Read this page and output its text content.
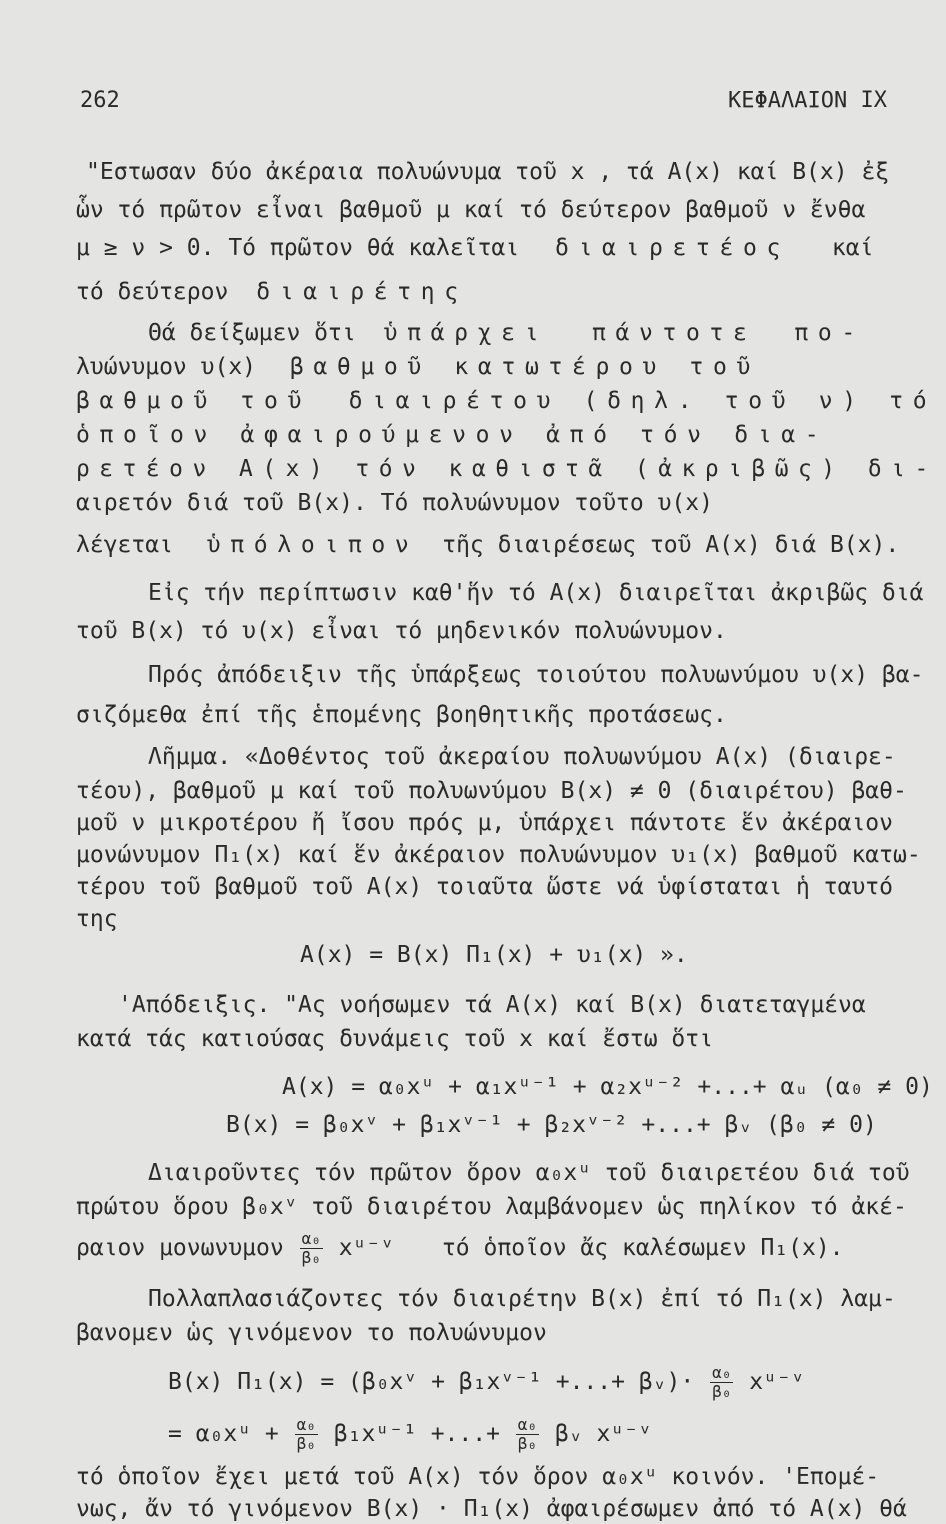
262	ΚΕΦΑΛΑΙΟΝ IX
"Εστωσαν δύο ἀκέραια πολυώνυμα τοῦ x , τά A(x) καί B(x) ἐξ
ὧν τό πρῶτον εἶναι βαθμοῦ μ καί τό δεύτερον βαθμοῦ ν ἔνθα
μ ≥ ν > 0. Τό πρῶτον θά καλεῖται διαιρετέος καί
τό δεύτερον διαιρέτης
Θά δείξωμεν ὅτι ὑπάρχει πάντοτε πο-
λυώνυμον υ(x) βαθμοῦ κατωτέρου τοῦ
βαθμοῦ τοῦ διαιρέτου (δηλ. τοῦ ν) τό
ὁποῖον ἀφαιρούμενον ἀπό τόν δια-
ρετέον A(x) τόν καθιστᾶ (ἀκριβῶς) δι-
αιρετόν διά τοῦ B(x). Τό πολυώνυμον τοῦτο υ(x)
λέγεται ὑπόλοιπον τῆς διαιρέσεως τοῦ A(x) διά B(x).
Εἰς τήν περίπτωσιν καθ'ἥν τό A(x) διαιρεῖται ἀκριβῶς διά
τοῦ B(x) τό υ(x) εἶναι τό μηδενικόν πολυώνυμον.
Πρός ἀπόδειξιν τῆς ὑπάρξεως τοιούτου πολυωνύμου υ(x) βα-
σιζόμεθα ἐπί τῆς ἑπομένης βοηθητικῆς προτάσεως.
Λῆμμα. «Δοθέντος τοῦ ἀκεραίου πολυωνύμου A(x) (διαιρε-
τέου), βαθμοῦ μ καί τοῦ πολυωνύμου B(x) ≠ 0 (διαιρέτου) βαθ-
μοῦ ν μικροτέρου ἤ ἴσου πρός μ, ὑπάρχει πάντοτε ἕν ἀκέραιον
μονώνυμον Π₁(x) καί ἕν ἀκέραιον πολυώνυμον υ₁(x) βαθμοῦ κατω-
τέρου τοῦ βαθμοῦ τοῦ A(x) τοιαῦτα ὥστε νά ὑφίσταται ἡ ταυτό
της
A(x) = B(x) Π₁(x) + υ₁(x) ».
'Απόδειξις. "Ας νοήσωμεν τά A(x) καί B(x) διατεταγμένα
κατά τάς κατιούσας δυνάμεις τοῦ x καί ἔστω ὅτι
A(x) = α₀xᵘ + α₁xᵘ⁻¹ + α₂xᵘ⁻² +...+ αᵤ (α₀ ≠ 0)
B(x) = β₀xᵛ + β₁xᵛ⁻¹ + β₂xᵛ⁻² +...+ βᵥ (β₀ ≠ 0)
Διαιροῦντες τόν πρῶτον ὅρον α₀xᵘ τοῦ διαιρετέου διά τοῦ
πρώτου ὅρου β₀xᵛ τοῦ διαιρέτου λαμβάνομεν ὡς πηλίκον τό ἀκέ-
ραιον μονωνυμον $\frac{\text{α₀}}{\text{β₀}}$ xᵘ⁻ᵛ τό ὁποῖον ἄς καλέσωμεν Π₁(x).
Πολλαπλασιάζοντες τόν διαιρέτην B(x) ἐπί τό Π₁(x) λαμ-
βανομεν ὡς γινόμενον το πολυώνυμον
B(x) Π₁(x) = (β₀xᵛ + β₁xᵛ⁻¹ +...+ βᵥ)· $\frac{\text{α₀}}{\text{β₀}}$ xᵘ⁻ᵛ
= α₀xᵘ + $\frac{\text{α₀}}{\text{β₀}}$ β₁xᵘ⁻¹ +...+ $\frac{\text{α₀}}{\text{β₀}}$ βᵥ xᵘ⁻ᵛ
τό ὁποῖον ἔχει μετά τοῦ A(x) τόν ὅρον α₀xᵘ κοινόν. 'Επομέ-
νως, ἄν τό γινόμενον B(x) · Π₁(x) ἀφαιρέσωμεν ἀπό τό A(x) θά
